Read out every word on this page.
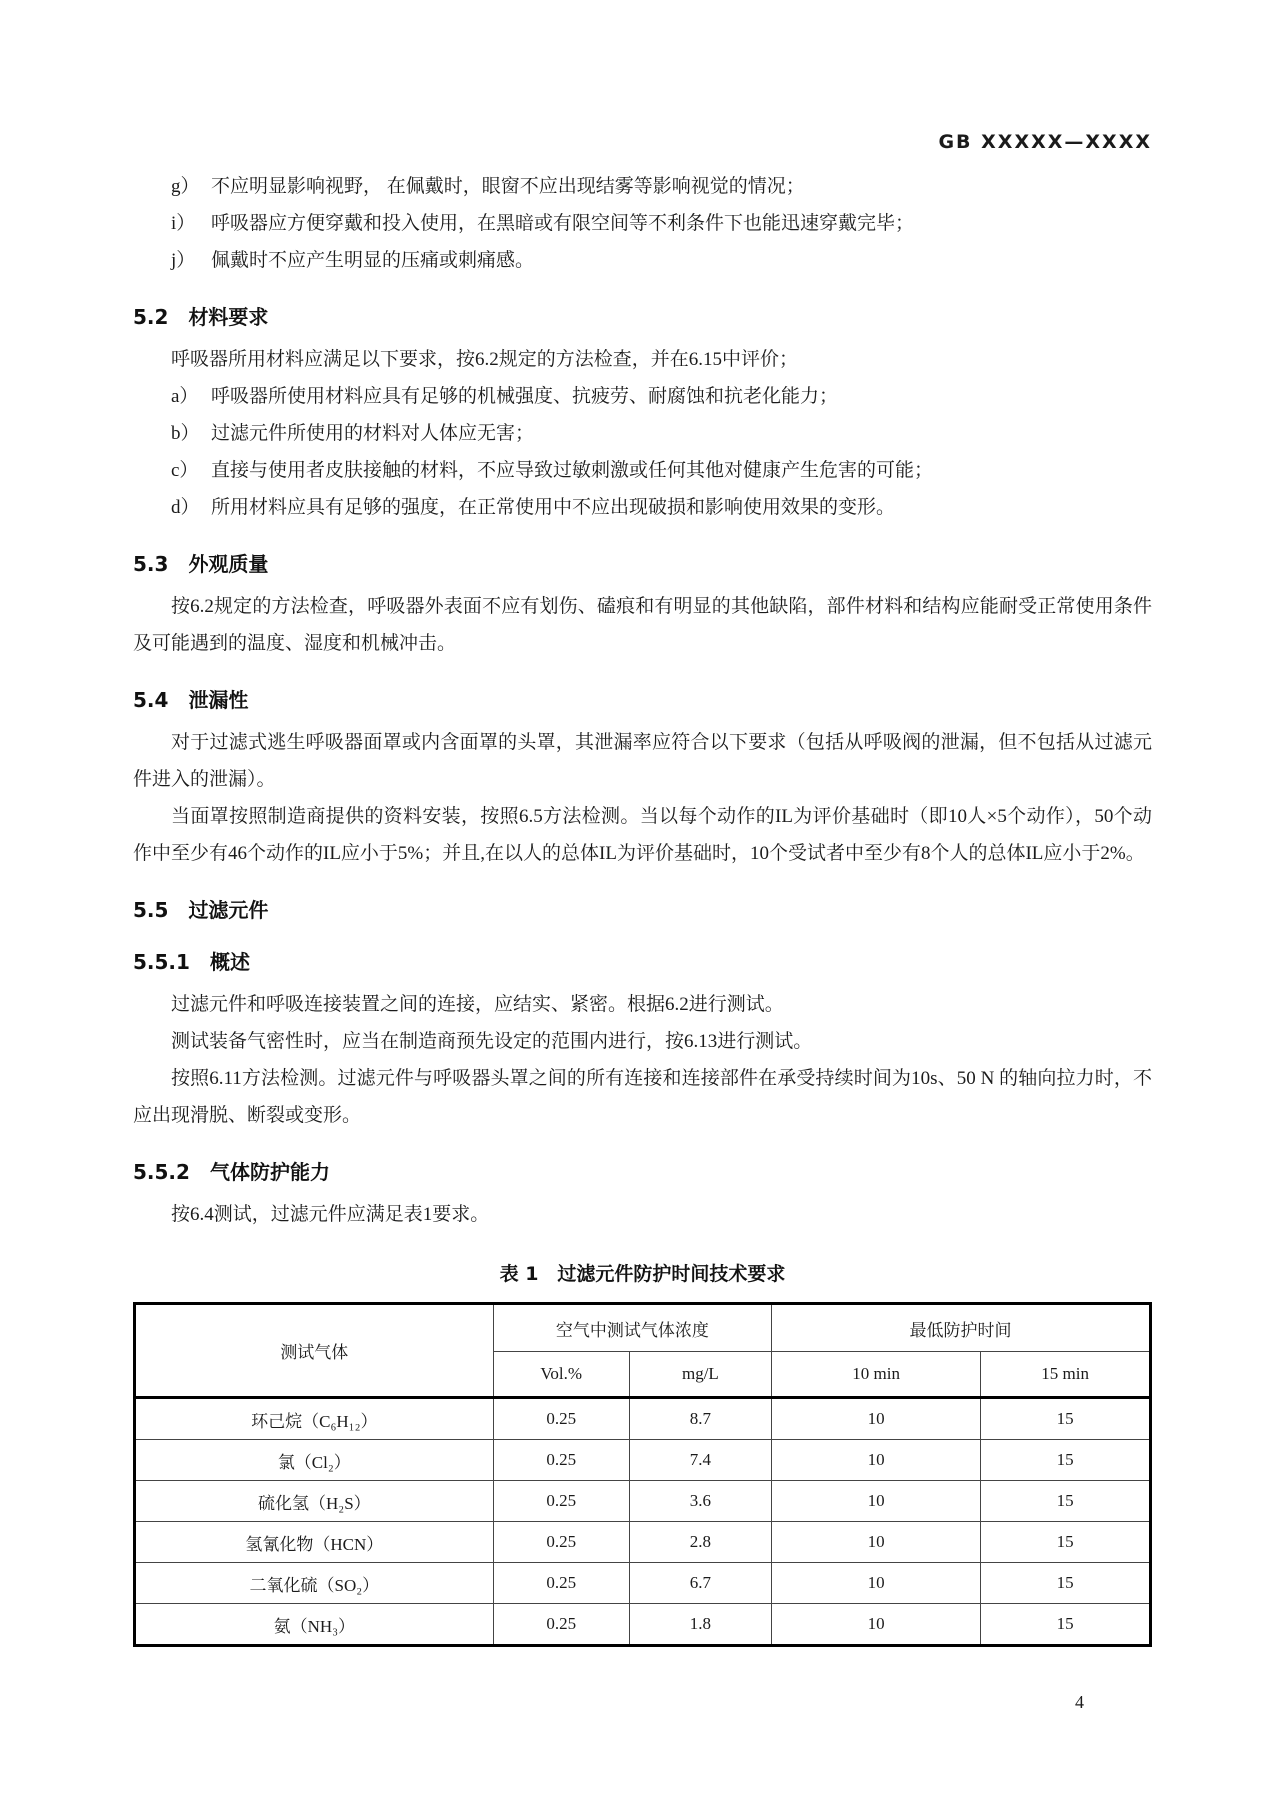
GB XXXXX—XXXX
g） 不应明显影响视野， 在佩戴时，眼窗不应出现结雾等影响视觉的情况；
i） 呼吸器应方便穿戴和投入使用，在黑暗或有限空间等不利条件下也能迅速穿戴完毕；
j） 佩戴时不应产生明显的压痛或刺痛感。
5.2 材料要求

呼吸器所用材料应满足以下要求，按6.2规定的方法检查，并在6.15中评价；

a） 呼吸器所使用材料应具有足够的机械强度、抗疲劳、耐腐蚀和抗老化能力；
b） 过滤元件所使用的材料对人体应无害；
c） 直接与使用者皮肤接触的材料，不应导致过敏刺激或任何其他对健康产生危害的可能；
d） 所用材料应具有足够的强度，在正常使用中不应出现破损和影响使用效果的变形。
5.3 外观质量

按6.2规定的方法检查，呼吸器外表面不应有划伤、磕痕和有明显的其他缺陷，部件材料和结构应能耐受正常使用条件及可能遇到的温度、湿度和机械冲击。

5.4 泄漏性

对于过滤式逃生呼吸器面罩或内含面罩的头罩，其泄漏率应符合以下要求（包括从呼吸阀的泄漏，但不包括从过滤元件进入的泄漏）。

当面罩按照制造商提供的资料安装，按照6.5方法检测。当以每个动作的IL为评价基础时（即10人×5个动作），50个动作中至少有46个动作的IL应小于5%；并且,在以人的总体IL为评价基础时，10个受试者中至少有8个人的总体IL应小于2%。

5.5 过滤元件
5.5.1 概述

过滤元件和呼吸连接装置之间的连接，应结实、紧密。根据6.2进行测试。

测试装备气密性时，应当在制造商预先设定的范围内进行，按6.13进行测试。

按照6.11方法检测。过滤元件与呼吸器头罩之间的所有连接和连接部件在承受持续时间为10s、50 N 的轴向拉力时，不应出现滑脱、断裂或变形。

5.5.2 气体防护能力

按6.4测试，过滤元件应满足表1要求。

表 1　过滤元件防护时间技术要求
测试气体	空气中测试气体浓度		最低防护时间	
	Vol.%	mg/L	10 min	15 min
环己烷（C₆H₁₂）	0.25	8.7	10	15
氯（Cl₂）	0.25	7.4	10	15
硫化氢（H₂S）	0.25	3.6	10	15
氢氰化物（HCN）	0.25	2.8	10	15
二氧化硫（SO₂）	0.25	6.7	10	15
氨（NH₃）	0.25	1.8	10	15
4
